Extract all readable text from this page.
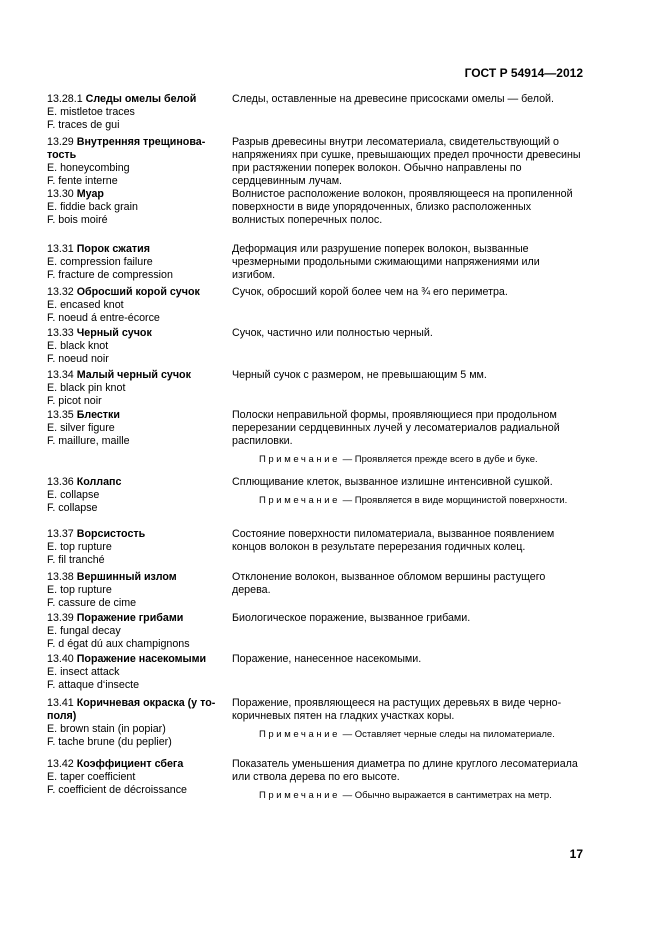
ГОСТ Р 54914—2012
13.28.1 Следы омелы белой
E. mistletoe traces
F. traces de gui
Следы, оставленные на древесине присосками омелы — белой.
13.29 Внутренняя трещинова-тость
E. honeycombing
F. fente interne
Разрыв древесины внутри лесоматериала, свидетельствующий о напряжениях при сушке, превышающих предел прочности древесины при растяжении поперек волокон. Обычно направлены по сердцевинным лучам.
13.30 Муар
E. fiddie back grain
F. bois moiré
Волнистое расположение волокон, проявляющееся на пропиленной поверхности в виде упорядоченных, близко расположенных волнистых поперечных полос.
13.31 Порок сжатия
E. compression failure
F. fracture de compression
Деформация или разрушение поперек волокон, вызванные чрезмерными продольными сжимающими напряжениями или изгибом.
13.32 Обросший корой сучок
E. encased knot
F. noeud á entre-écorce
Сучок, обросший корой более чем на ¾ его периметра.
13.33 Черный сучок
E. black knot
F. noeud noir
Сучок, частично или полностью черный.
13.34 Малый черный сучок
E. black pin knot
F. picot noir
Черный сучок с размером, не превышающим 5 мм.
13.35 Блестки
E. silver figure
F. maillure, maille
Полоски неправильной формы, проявляющиеся при продольном перерезании сердцевинных лучей у лесоматериалов радиальной распиловки.
Примечание — Проявляется прежде всего в дубе и буке.
13.36 Коллапс
E. collapse
F. collapse
Сплющивание клеток, вызванное излишне интенсивной сушкой.
Примечание — Проявляется в виде морщинистой поверхности.
13.37 Ворсистость
E. top rupture
F. fil tranché
Состояние поверхности пиломатериала, вызванное появлением концов волокон в результате перерезания годичных колец.
13.38 Вершинный излом
E. top rupture
F. cassure de cime
Отклонение волокон, вызванное обломом вершины растущего дерева.
13.39 Поражение грибами
E. fungal decay
F. d égat dú aux champignons
Биологическое поражение, вызванное грибами.
13.40 Поражение насекомыми
E. insect attack
F. attaque d‘insecte
Поражение, нанесенное насекомыми.
13.41 Коричневая окраска (у то-поля)
E. brown stain (in popiar)
F. tache brune (du peplier)
Поражение, проявляющееся на растущих деревьях в виде черно-коричневых пятен на гладких участках коры.
Примечание — Оставляет черные следы на пиломатериале.
13.42 Коэффициент сбега
E. taper coefficient
F. coefficient de décroissance
Показатель уменьшения диаметра по длине круглого лесоматериала или ствола дерева по его высоте.
Примечание — Обычно выражается в сантиметрах на метр.
17
